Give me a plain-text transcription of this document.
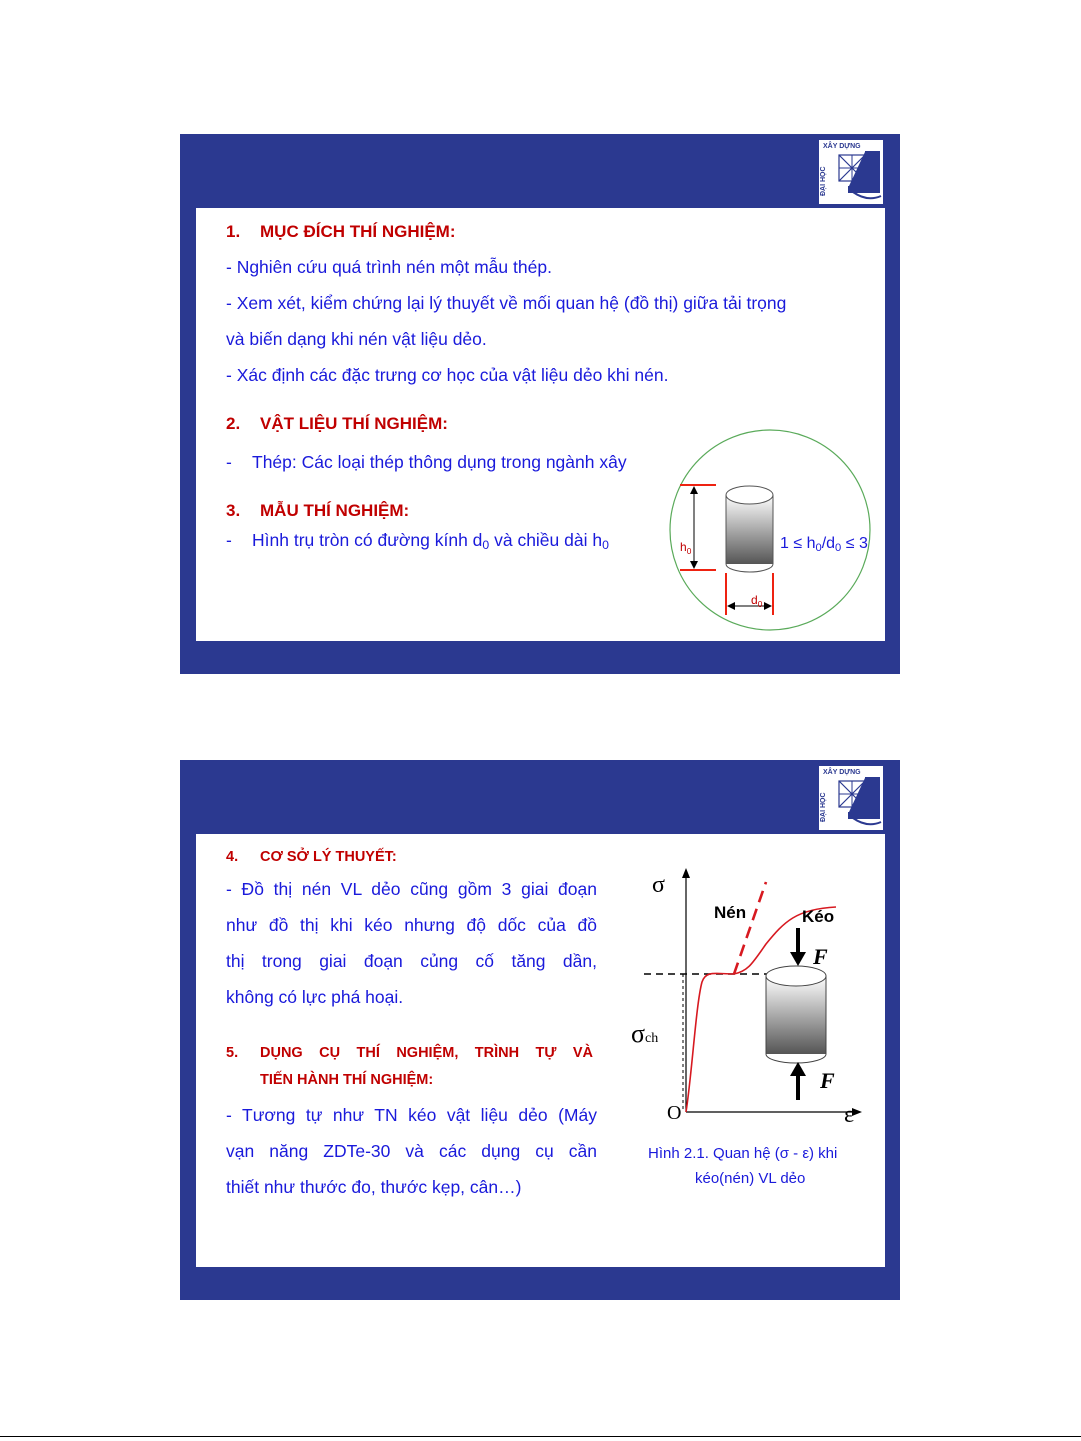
XÂY DỰNG
ĐẠI HỌC
1. MỤC ĐÍCH THÍ NGHIỆM:
- Nghiên cứu quá trình nén một mẫu thép.
- Xem xét, kiểm chứng lại lý thuyết về mối quan hệ (đồ thị) giữa tải trọng
và biến dạng khi nén vật liệu dẻo.
- Xác định các đặc trưng cơ học của vật liệu dẻo khi nén.
2. VẬT LIỆU THÍ NGHIỆM:
- Thép: Các loại thép thông dụng trong ngành xây
3. MẪU THÍ NGHIỆM:
- Hình trụ tròn có đường kính $d_0$ và chiều dài $h_0$	$h_0$
$d_0$
$1 \le h_0/d_0 \le 3$
XÂY DỰNG
ĐẠI HỌC
4. CƠ SỞ LÝ THUYẾT:
- Đồ thị nén VL dẻo cũng gồm 3 giai đoạn
như đồ thị khi kéo nhưng độ dốc của đồ
thị trong giai đoạn củng cố tăng dần,
không có lực phá hoại.
5. DỤNG CỤ THÍ NGHIỆM, TRÌNH TỰ VÀ
TIẾN HÀNH THÍ NGHIỆM:
- Tương tự như TN kéo vật liệu dẻo (Máy
vạn năng ZDTe-30 và các dụng cụ cần
thiết như thước đo, thước kẹp, cân…)
σ
ε
O
σch
Nén	Kéo
F
F
Hình 2.1. Quan hệ (σ - ε) khi
kéo(nén) VL dẻo
